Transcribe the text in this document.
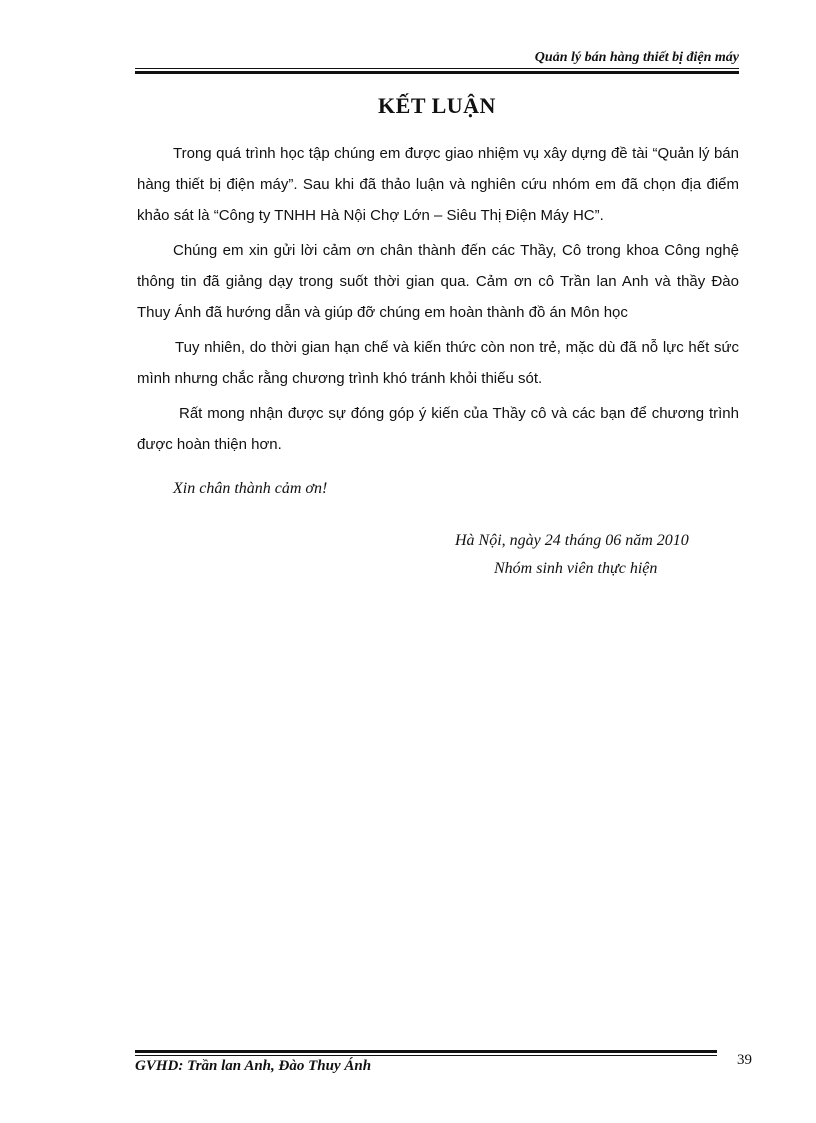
Quản lý bán hàng thiết bị điện máy
KẾT LUẬN

Trong quá trình học tập chúng em được giao nhiệm vụ xây dựng đề tài “Quản lý bán hàng thiết bị điện máy”. Sau khi đã thảo luận và nghiên cứu nhóm em đã chọn địa điểm khảo sát là “Công ty TNHH Hà Nội Chợ Lớn – Siêu Thị Điện Máy HC”.

Chúng em xin gửi lời cảm ơn chân thành đến các Thầy, Cô trong khoa Công nghệ thông tin đã giảng dạy trong suốt thời gian qua. Cảm ơn cô Trần lan Anh và thầy Đào Thuy Ánh đã hướng dẫn và giúp đỡ chúng em hoàn thành đồ án Môn học

Tuy nhiên, do thời gian hạn chế và kiến thức còn non trẻ, mặc dù đã nỗ lực hết sức mình nhưng chắc rằng chương trình khó tránh khỏi thiếu sót.

Rất mong nhận được sự đóng góp ý kiến của Thầy cô và các bạn để chương trình được hoàn thiện hơn.

Xin chân thành cảm ơn!
Hà Nội, ngày 24 tháng 06 năm 2010
Nhóm sinh viên thực hiện
GVHD: Trần lan Anh, Đào Thuy Ánh	39
